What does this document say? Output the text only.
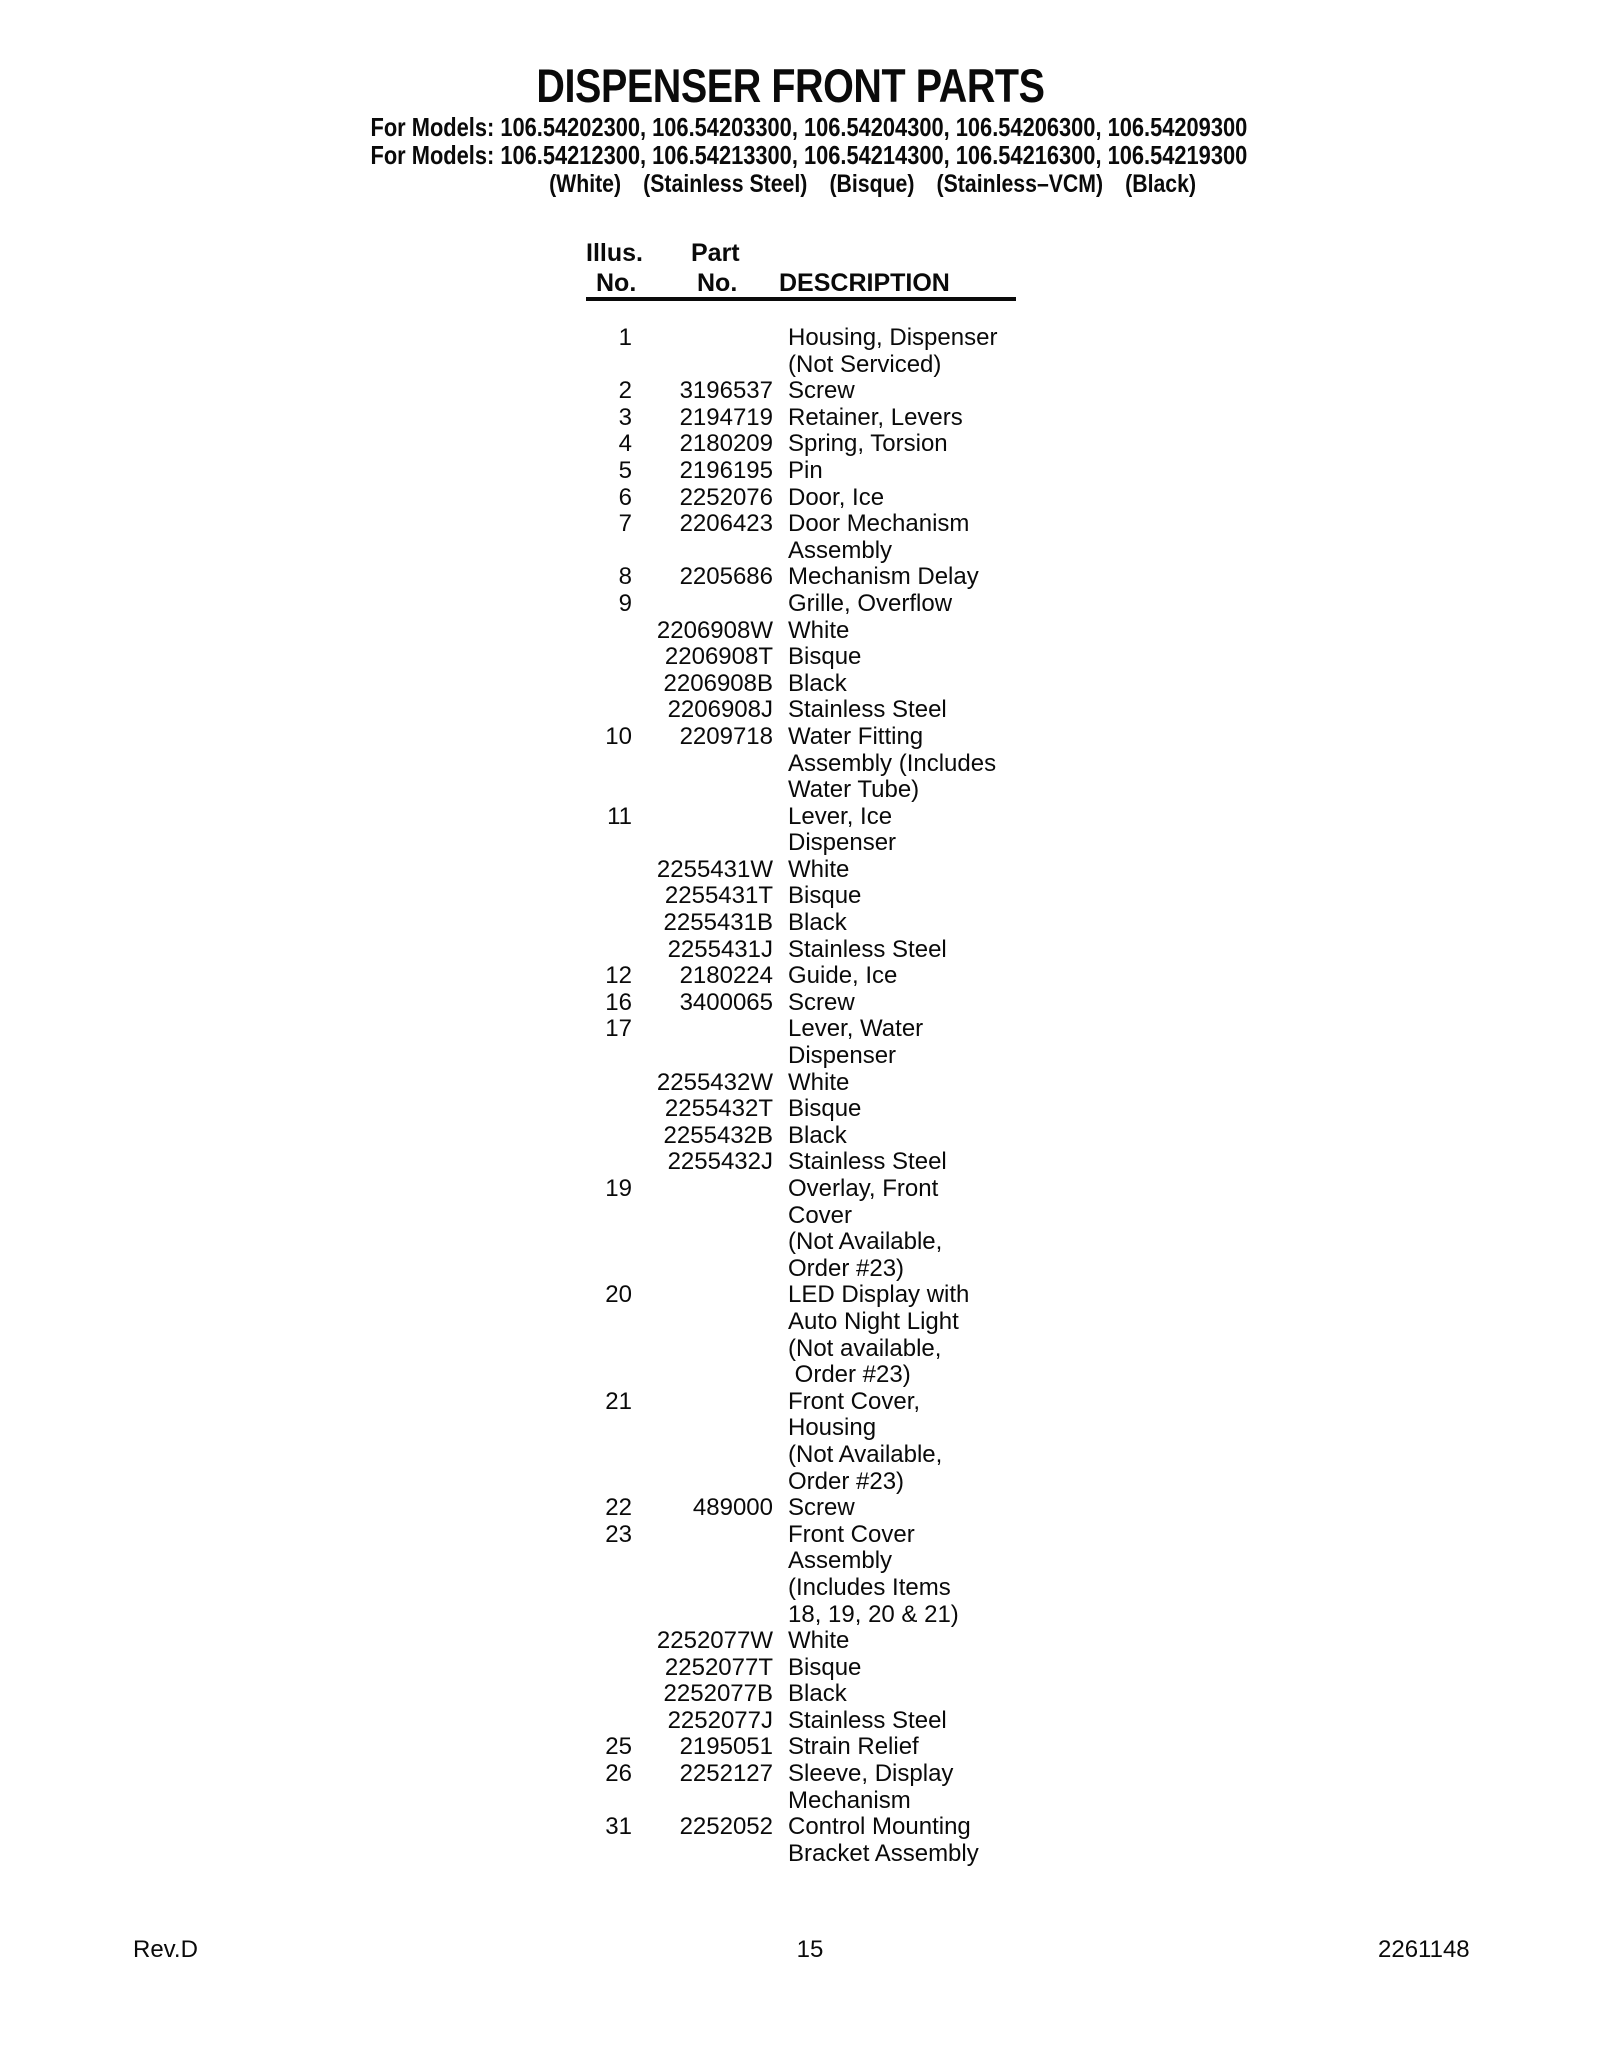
DISPENSER FRONT PARTS
For Models: 106.54202300, 106.54203300, 106.54204300, 106.54206300, 106.54209300
For Models: 106.54212300, 106.54213300, 106.54214300, 106.54216300, 106.54219300
(White) (Stainless Steel) (Bisque) (Stainless–VCM) (Black)
Illus. Part
No. No. DESCRIPTION
1	Housing, Dispenser
(Not Serviced)
2	3196537 Screw
3	2194719 Retainer, Levers
4	2180209 Spring, Torsion
5	2196195 Pin
6	2252076 Door, Ice
7	2206423 Door Mechanism
Assembly
8	2205686 Mechanism Delay
9	Grille, Overflow
2206908W White
2206908T Bisque
2206908B Black
2206908J Stainless Steel
10	2209718 Water Fitting
Assembly (Includes
Water Tube)
11	Lever, Ice
Dispenser
2255431W White
2255431T Bisque
2255431B Black
2255431J Stainless Steel
12	2180224 Guide, Ice
16	3400065 Screw
17	Lever, Water
Dispenser
2255432W White
2255432T Bisque
2255432B Black
2255432J Stainless Steel
19	Overlay, Front
Cover
(Not Available,
Order #23)
20	LED Display with
Auto Night Light
(Not available,
Order #23)
21	Front Cover,
Housing
(Not Available,
Order #23)
22	489000 Screw
23	Front Cover
Assembly
(Includes Items
18, 19, 20 & 21)
2252077W White
2252077T Bisque
2252077B Black
2252077J Stainless Steel
25	2195051 Strain Relief
26	2252127 Sleeve, Display
Mechanism
31	2252052 Control Mounting
Bracket Assembly
Rev.D	15	2261148
